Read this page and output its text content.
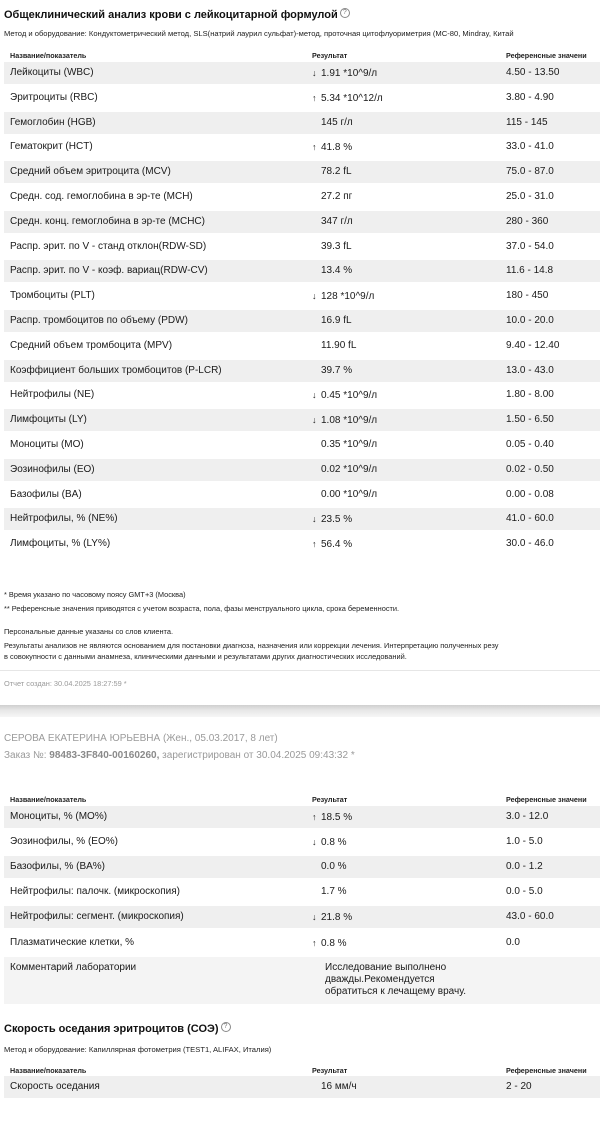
Общеклинический анализ крови с лейкоцитарной формулой ?
Метод и оборудование: Кондуктометрический метод, SLS(натрий лаурил сульфат)-метод, проточная цитофлуориметрия (MC-80, Mindray, Китай
Название/показатель	Результат	Референсные значени
Лейкоциты (WBC)	↓ 1.91 *10^9/л	4.50 - 13.50
Эритроциты (RBC)	↑ 5.34 *10^12/л	3.80 - 4.90
Гемоглобин (HGB)	145 г/л	115 - 145
Гематокрит (HCT)	↑ 41.8 %	33.0 - 41.0
Средний объем эритроцита (MCV)	78.2 fL	75.0 - 87.0
Средн. сод. гемоглобина в эр-те (MCH)	27.2 пг	25.0 - 31.0
Средн. конц. гемоглобина в эр-те (MCHC)	347 г/л	280 - 360
Распр. эрит. по V - станд отклон(RDW-SD)	39.3 fL	37.0 - 54.0
Распр. эрит. по V - коэф. вариац(RDW-CV)	13.4 %	11.6 - 14.8
Тромбоциты (PLT)	↓ 128 *10^9/л	180 - 450
Распр. тромбоцитов по объему (PDW)	16.9 fL	10.0 - 20.0
Средний объем тромбоцита (MPV)	11.90 fL	9.40 - 12.40
Коэффициент больших тромбоцитов (P-LCR)	39.7 %	13.0 - 43.0
Нейтрофилы (NE)	↓ 0.45 *10^9/л	1.80 - 8.00
Лимфоциты (LY)	↓ 1.08 *10^9/л	1.50 - 6.50
Моноциты (MO)	0.35 *10^9/л	0.05 - 0.40
Эозинофилы (EO)	0.02 *10^9/л	0.02 - 0.50
Базофилы (BA)	0.00 *10^9/л	0.00 - 0.08
Нейтрофилы, % (NE%)	↓ 23.5 %	41.0 - 60.0
Лимфоциты, % (LY%)	↑ 56.4 %	30.0 - 46.0
* Время указано по часовому поясу GMT+3 (Москва)
** Референсные значения приводятся с учетом возраста, пола, фазы менструального цикла, срока беременности.
Персональные данные указаны со слов клиента.
Результаты анализов не являются основанием для постановки диагноза, назначения или коррекции лечения. Интерпретацию полученных резу
в совокупности с данными анамнеза, клиническими данными и результатами других диагностических исследований.
Отчет создан: 30.04.2025 18:27:59 *
СЕРОВА ЕКАТЕРИНА ЮРЬЕВНА (Жен., 05.03.2017, 8 лет)
Заказ №: 98483-3F840-00160260, зарегистрирован от 30.04.2025 09:43:32 *
Название/показатель	Результат	Референсные значени
Моноциты, % (MO%)	↑ 18.5 %	3.0 - 12.0
Эозинофилы, % (EO%)	↓ 0.8 %	1.0 - 5.0
Базофилы, % (BA%)	0.0 %	0.0 - 1.2
Нейтрофилы: палочк. (микроскопия)	1.7 %	0.0 - 5.0
Нейтрофилы: сегмент. (микроскопия)	↓ 21.8 %	43.0 - 60.0
Плазматические клетки, %	↑ 0.8 %	0.0
Комментарий лаборатории	Исследование выполнено
дважды.Рекомендуется
обратиться к лечащему врачу.
Скорость оседания эритроцитов (СОЭ) ?
Метод и оборудование: Капиллярная фотометрия (TEST1, ALIFAX, Италия)
Название/показатель	Результат	Референсные значени
Скорость оседания	16 мм/ч	2 - 20
